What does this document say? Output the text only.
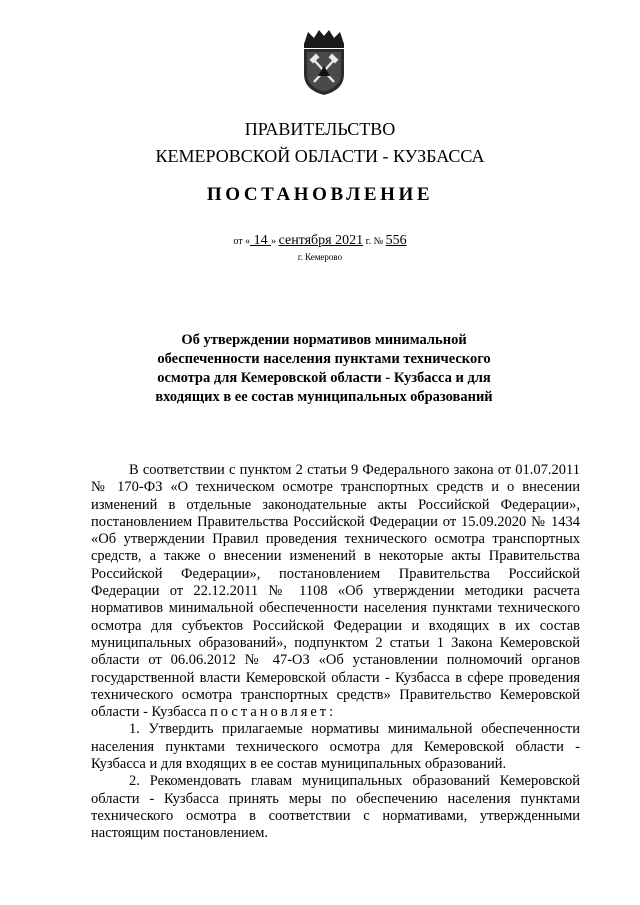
ПРАВИТЕЛЬСТВО
КЕМЕРОВСКОЙ ОБЛАСТИ - КУЗБАССА
ПОСТАНОВЛЕНИЕ
от « 14 » сентября 2021 г. № 556
г. Кемерово
Об утверждении нормативов минимальной обеспеченности населения пунктами технического осмотра для Кемеровской области - Кузбасса и для входящих в ее состав муниципальных образований

В соответствии с пунктом 2 статьи 9 Федерального закона от 01.07.2011 № 170-ФЗ «О техническом осмотре транспортных средств и о внесении изменений в отдельные законодательные акты Российской Федерации», постановлением Правительства Российской Федерации от 15.09.2020 № 1434 «Об утверждении Правил проведения технического осмотра транспортных средств, а также о внесении изменений в некоторые акты Правительства Российской Федерации», постановлением Правительства Российской Федерации от 22.12.2011 № 1108 «Об утверждении методики расчета нормативов минимальной обеспеченности населения пунктами технического осмотра для субъектов Российской Федерации и входящих в их состав муниципальных образований», подпунктом 2 статьи 1 Закона Кемеровской области от 06.06.2012 № 47-ОЗ «Об установлении полномочий органов государственной власти Кемеровской области - Кузбасса в сфере проведения технического осмотра транспортных средств» Правительство Кемеровской области - Кузбасса постановляет:

1. Утвердить прилагаемые нормативы минимальной обеспеченности населения пунктами технического осмотра для Кемеровской области - Кузбасса и для входящих в ее состав муниципальных образований.

2. Рекомендовать главам муниципальных образований Кемеровской области - Кузбасса принять меры по обеспечению населения пунктами технического осмотра в соответствии с нормативами, утвержденными настоящим постановлением.
